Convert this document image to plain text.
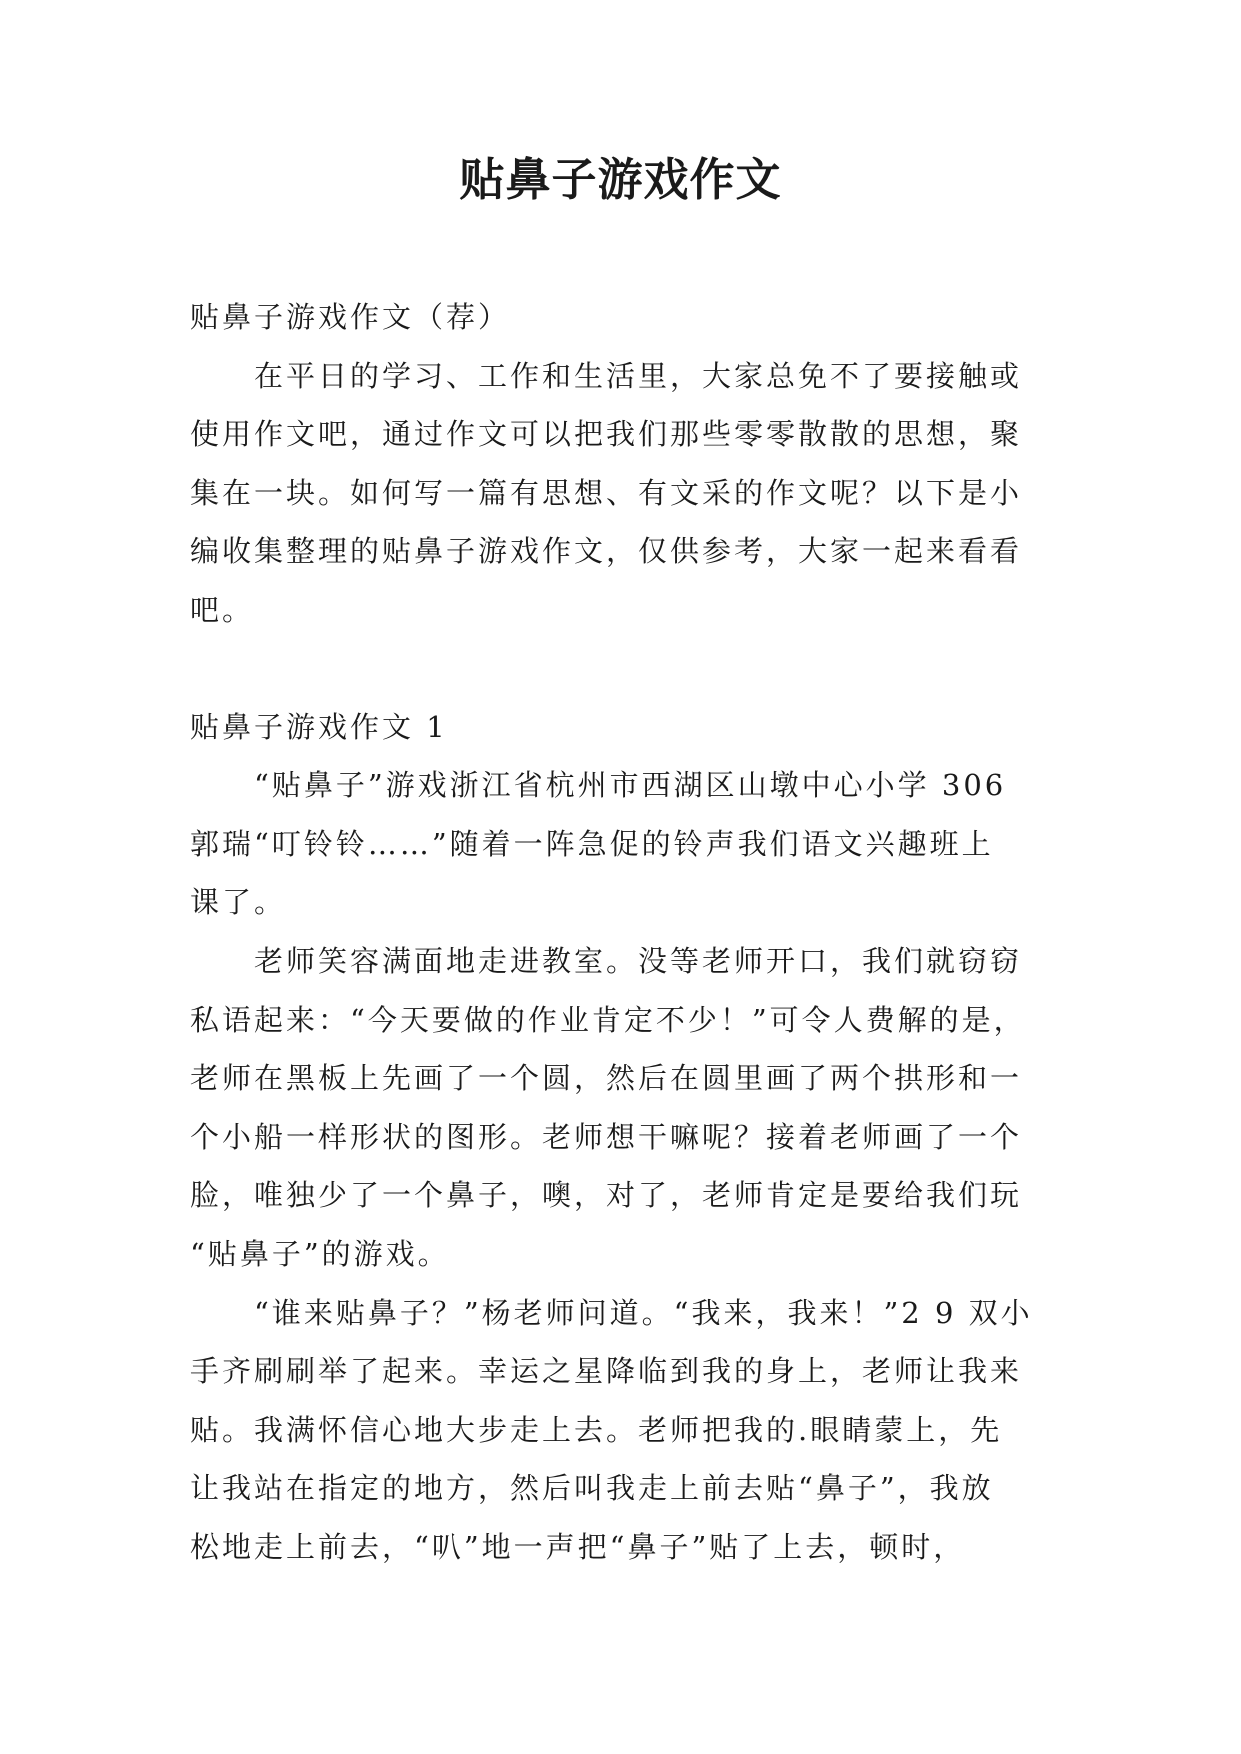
贴鼻子游戏作文
贴鼻子游戏作文（荐）
在平日的学习、工作和生活里，大家总免不了要接触或
使用作文吧，通过作文可以把我们那些零零散散的思想，聚
集在一块。如何写一篇有思想、有文采的作文呢？以下是小
编收集整理的贴鼻子游戏作文，仅供参考，大家一起来看看
吧。
贴鼻子游戏作文 1
“贴鼻子”游戏浙江省杭州市西湖区山墩中心小学 306
郭瑞“叮铃铃……”随着一阵急促的铃声我们语文兴趣班上
课了。
老师笑容满面地走进教室。没等老师开口，我们就窃窃
私语起来：“今天要做的作业肯定不少！”可令人费解的是，
老师在黑板上先画了一个圆，然后在圆里画了两个拱形和一
个小船一样形状的图形。老师想干嘛呢？接着老师画了一个
脸，唯独少了一个鼻子，噢，对了，老师肯定是要给我们玩
“贴鼻子”的游戏。
“谁来贴鼻子？”杨老师问道。“我来，我来！”2 9 双小
手齐刷刷举了起来。幸运之星降临到我的身上，老师让我来
贴。我满怀信心地大步走上去。老师把我的.眼睛蒙上，先
让我站在指定的地方，然后叫我走上前去贴“鼻子”，我放
松地走上前去，“叭”地一声把“鼻子”贴了上去，顿时，
